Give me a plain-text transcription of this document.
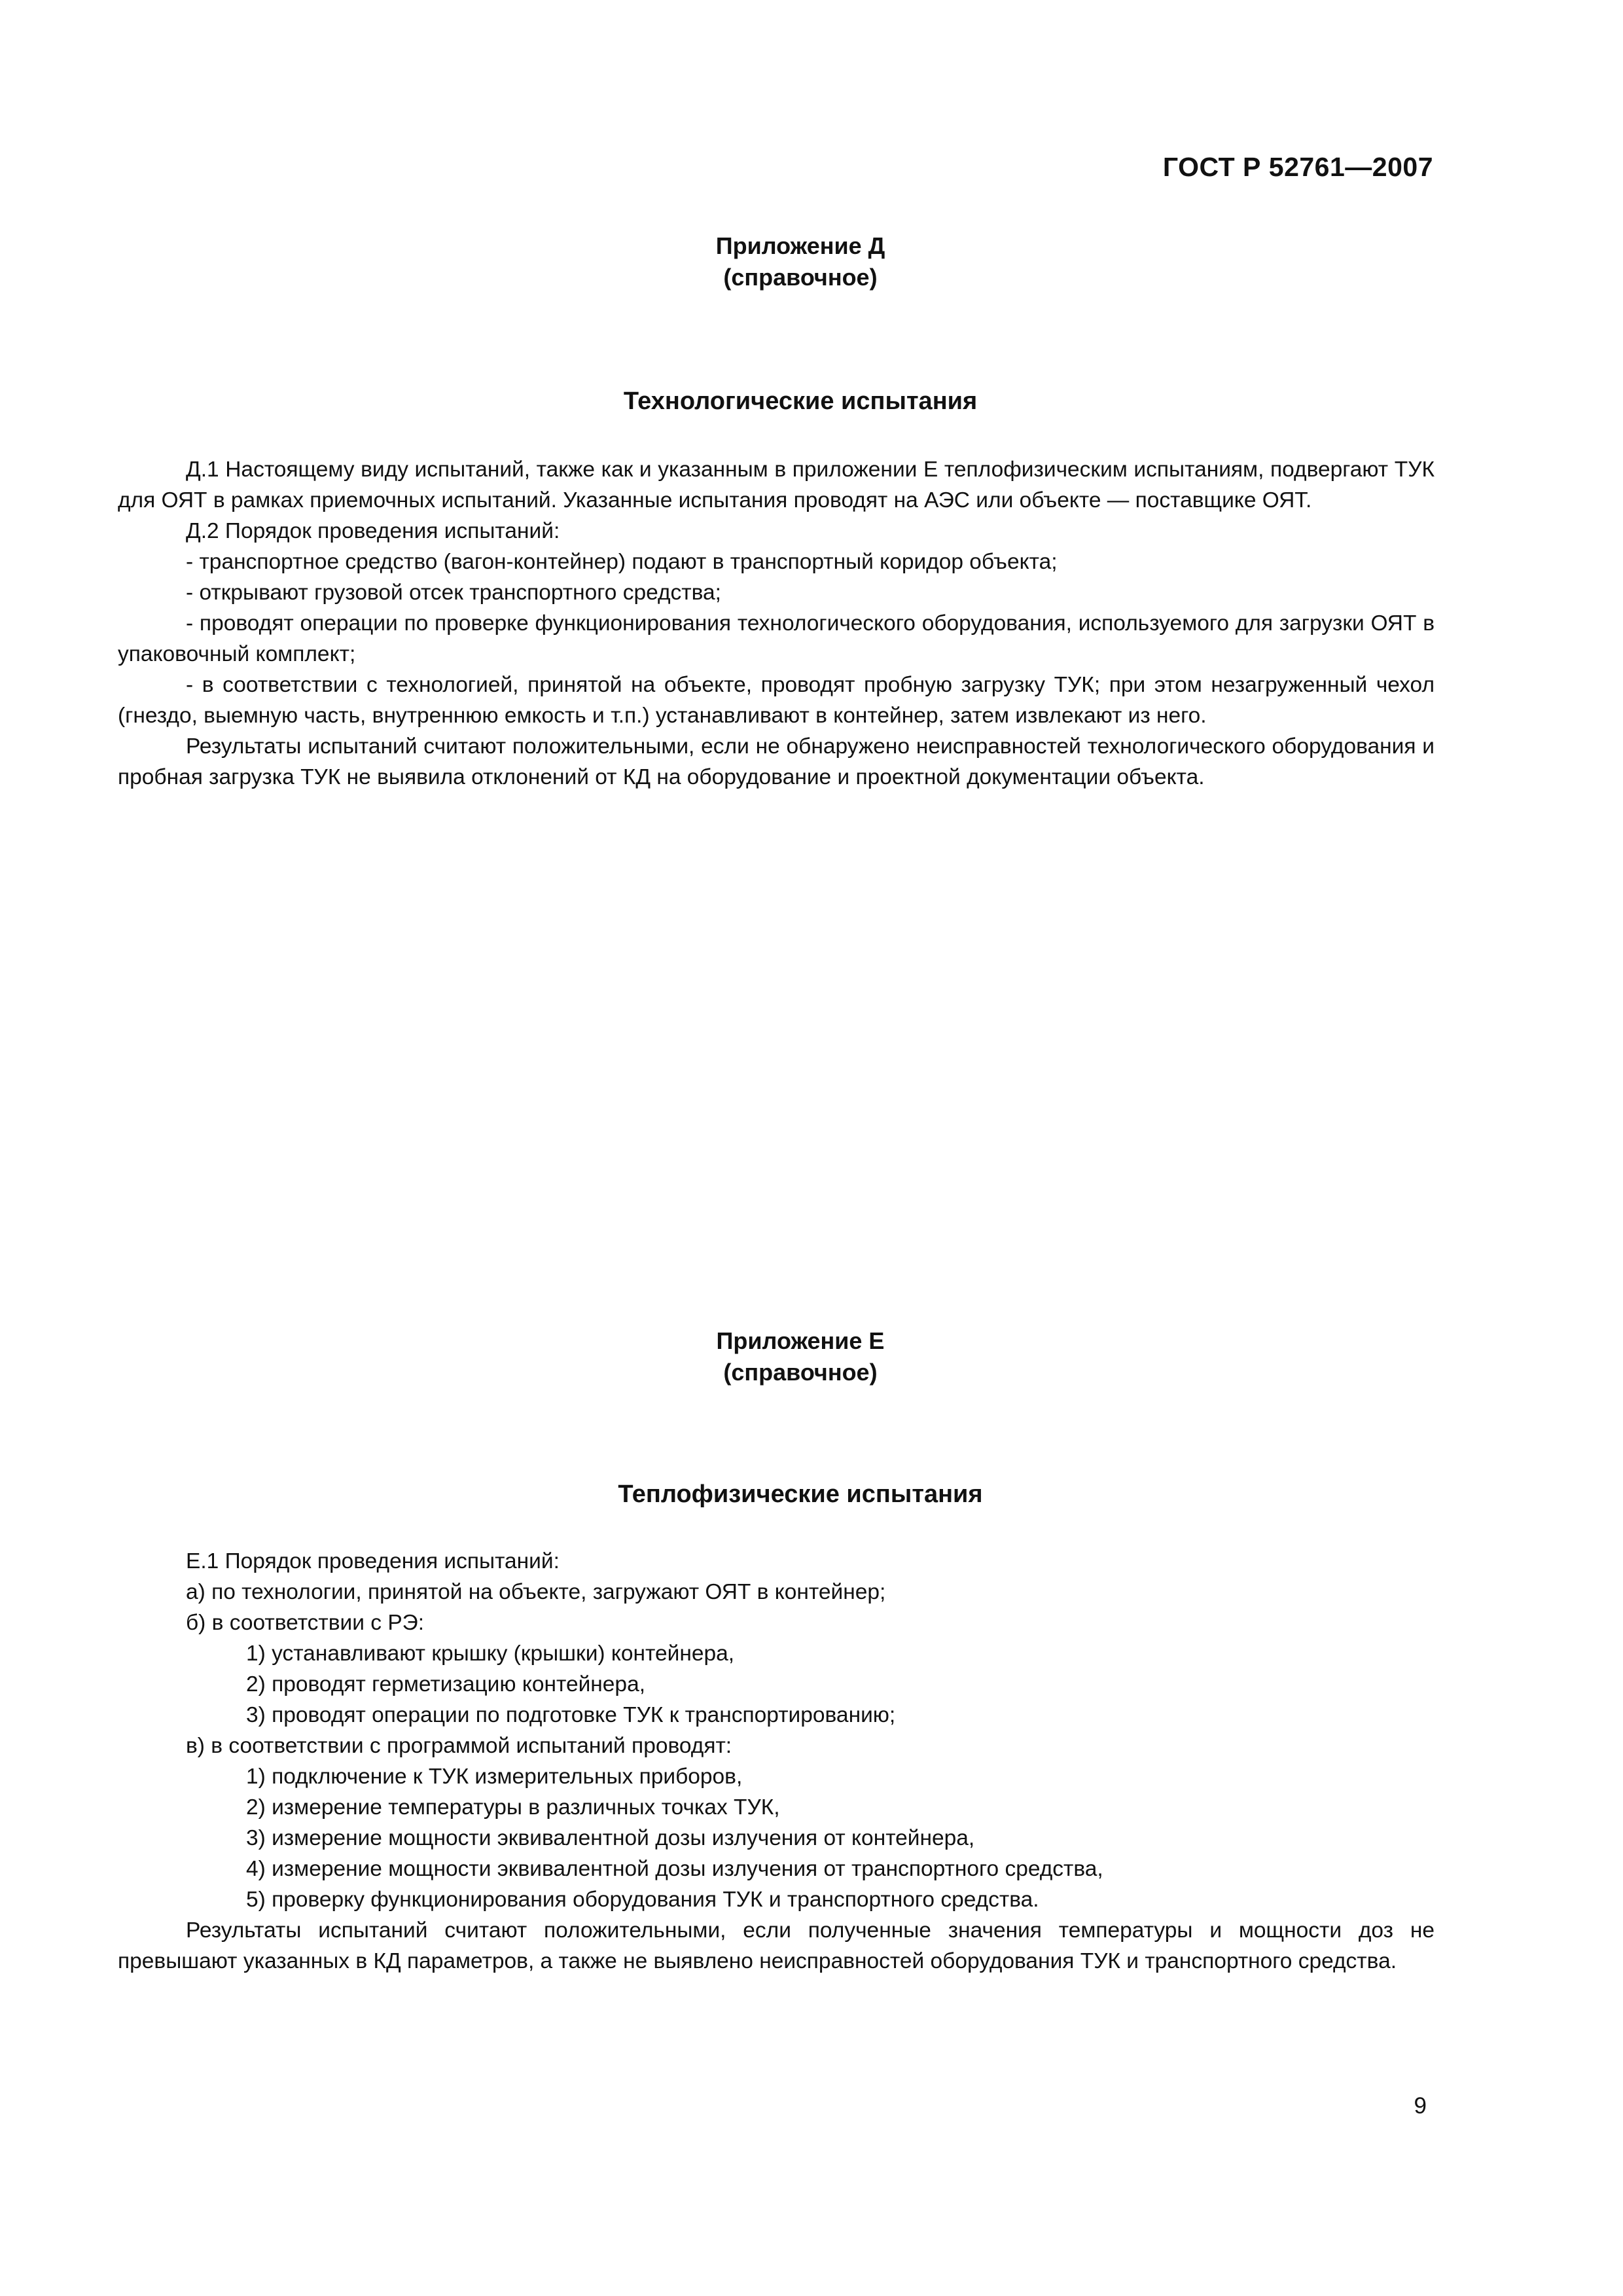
ГОСТ Р 52761—2007
Приложение Д
(справочное)
Технологические испытания

Д.1 Настоящему виду испытаний, также как и указанным в приложении Е теплофизическим испытаниям, подвергают ТУК для ОЯТ в рамках приемочных испытаний. Указанные испытания проводят на АЭС или объекте — поставщике ОЯТ.

Д.2 Порядок проведения испытаний:

- транспортное средство (вагон-контейнер) подают в транспортный коридор объекта;

- открывают грузовой отсек транспортного средства;

- проводят операции по проверке функционирования технологического оборудования, используемого для загрузки ОЯТ в упаковочный комплект;

- в соответствии с технологией, принятой на объекте, проводят пробную загрузку ТУК; при этом незагруженный чехол (гнездо, выемную часть, внутреннюю емкость и т.п.) устанавливают в контейнер, затем извлекают из него.

Результаты испытаний считают положительными, если не обнаружено неисправностей технологического оборудования и пробная загрузка ТУК не выявила отклонений от КД на оборудование и проектной документации объекта.

Приложение Е
(справочное)
Теплофизические испытания

Е.1 Порядок проведения испытаний:

а) по технологии, принятой на объекте, загружают ОЯТ в контейнер;

б) в соответствии с РЭ:

1) устанавливают крышку (крышки) контейнера,

2) проводят герметизацию контейнера,

3) проводят операции по подготовке ТУК к транспортированию;

в) в соответствии с программой испытаний проводят:

1) подключение к ТУК измерительных приборов,

2) измерение температуры в различных точках ТУК,

3) измерение мощности эквивалентной дозы излучения от контейнера,

4) измерение мощности эквивалентной дозы излучения от транспортного средства,

5) проверку функционирования оборудования ТУК и транспортного средства.

Результаты испытаний считают положительными, если полученные значения температуры и мощности доз не превышают указанных в КД параметров, а также не выявлено неисправностей оборудования ТУК и транспортного средства.

9
